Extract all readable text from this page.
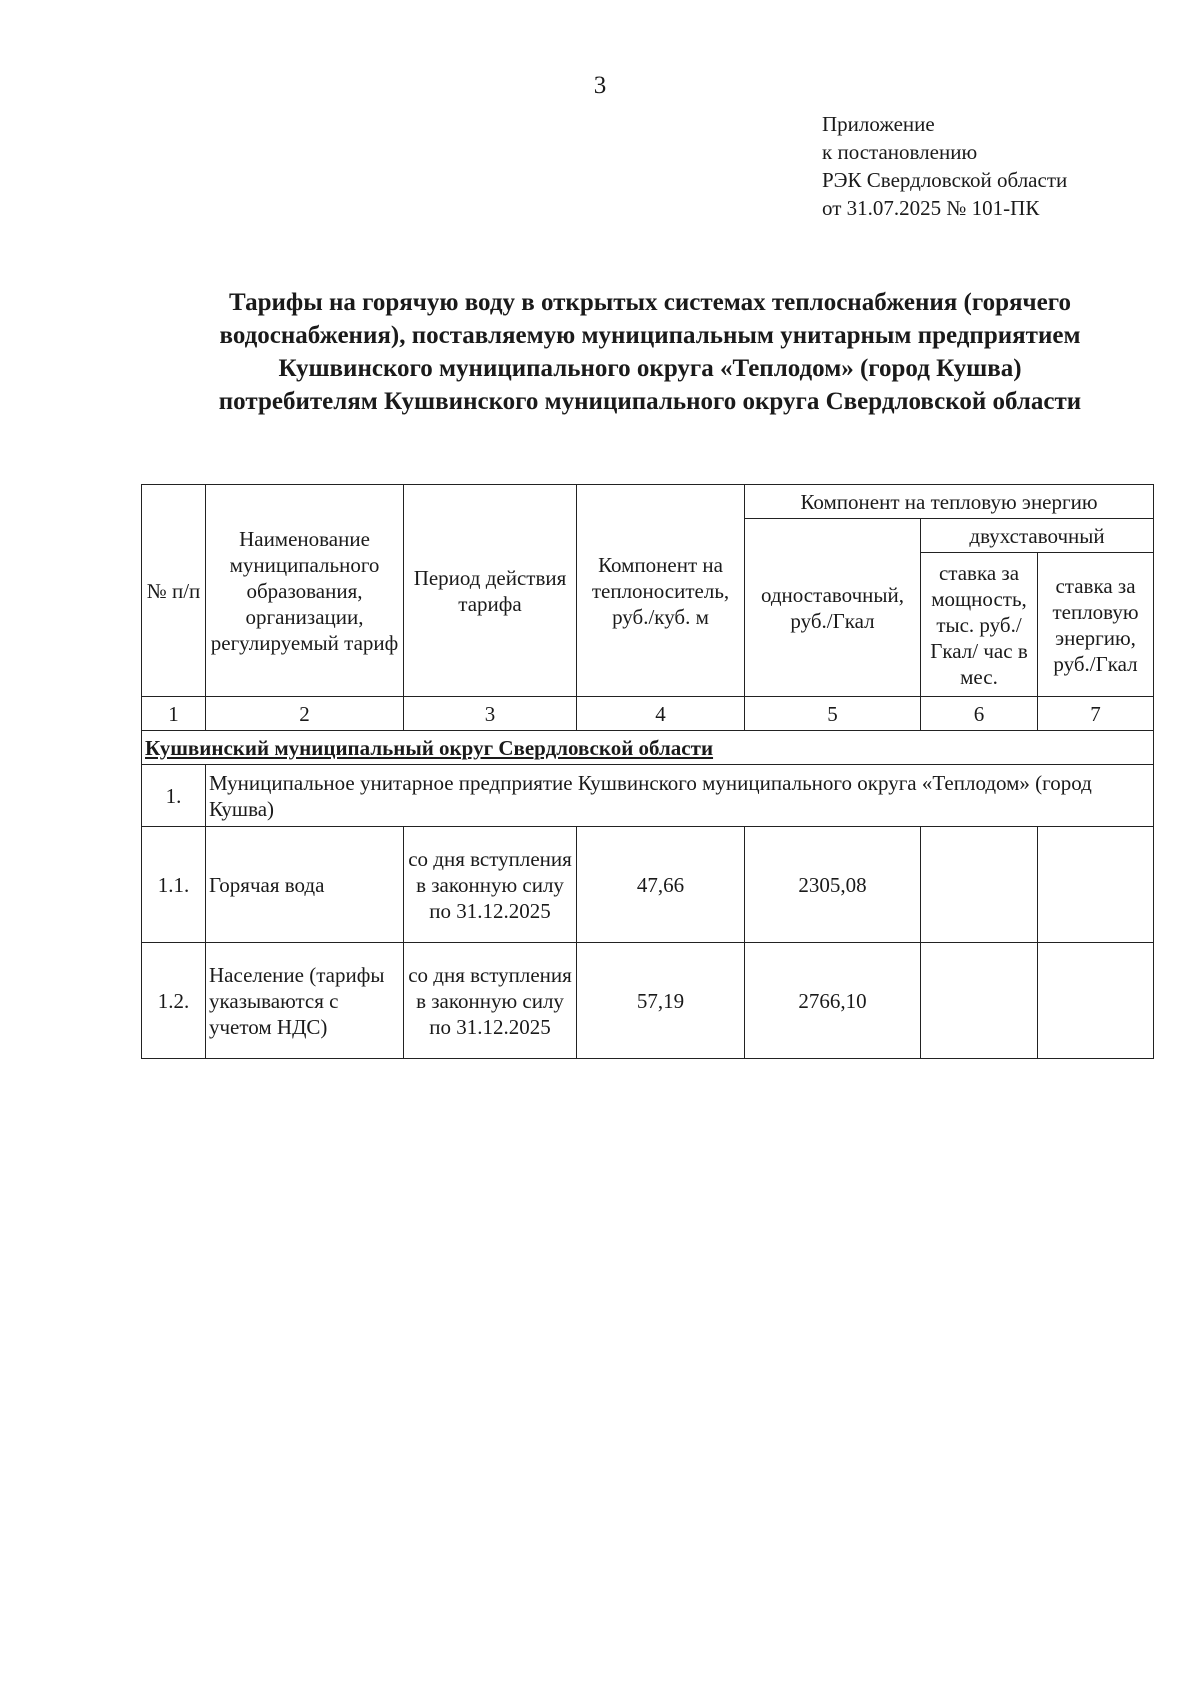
3
Приложение
к постановлению
РЭК Свердловской области
от 31.07.2025 № 101-ПК
Тарифы на горячую воду в открытых системах теплоснабжения (горячего
водоснабжения), поставляемую муниципальным унитарным предприятием
Кушвинского муниципального округа «Теплодом» (город Кушва)
потребителям Кушвинского муниципального округа Свердловской области
№ п/п	Наименование муниципального образования, организации, регулируемый тариф	Период действия тарифа	Компонент на теплоноситель, руб./куб. м	Компонент на тепловую энергию		
				одноставочный, руб./Гкал	двухставочный	
					ставка за мощность, тыс. руб./Гкал/ час в мес.	ставка за тепловую энергию, руб./Гкал
1	2	3	4	5	6	7
Кушвинский муниципальный округ Свердловской области						
1.	Муниципальное унитарное предприятие Кушвинского муниципального округа «Теплодом» (город Кушва)					
1.1.	Горячая вода	со дня вступления в законную силу по 31.12.2025	47,66	2305,08		
1.2.	Население (тарифы указываются с учетом НДС)	со дня вступления в законную силу по 31.12.2025	57,19	2766,10		
